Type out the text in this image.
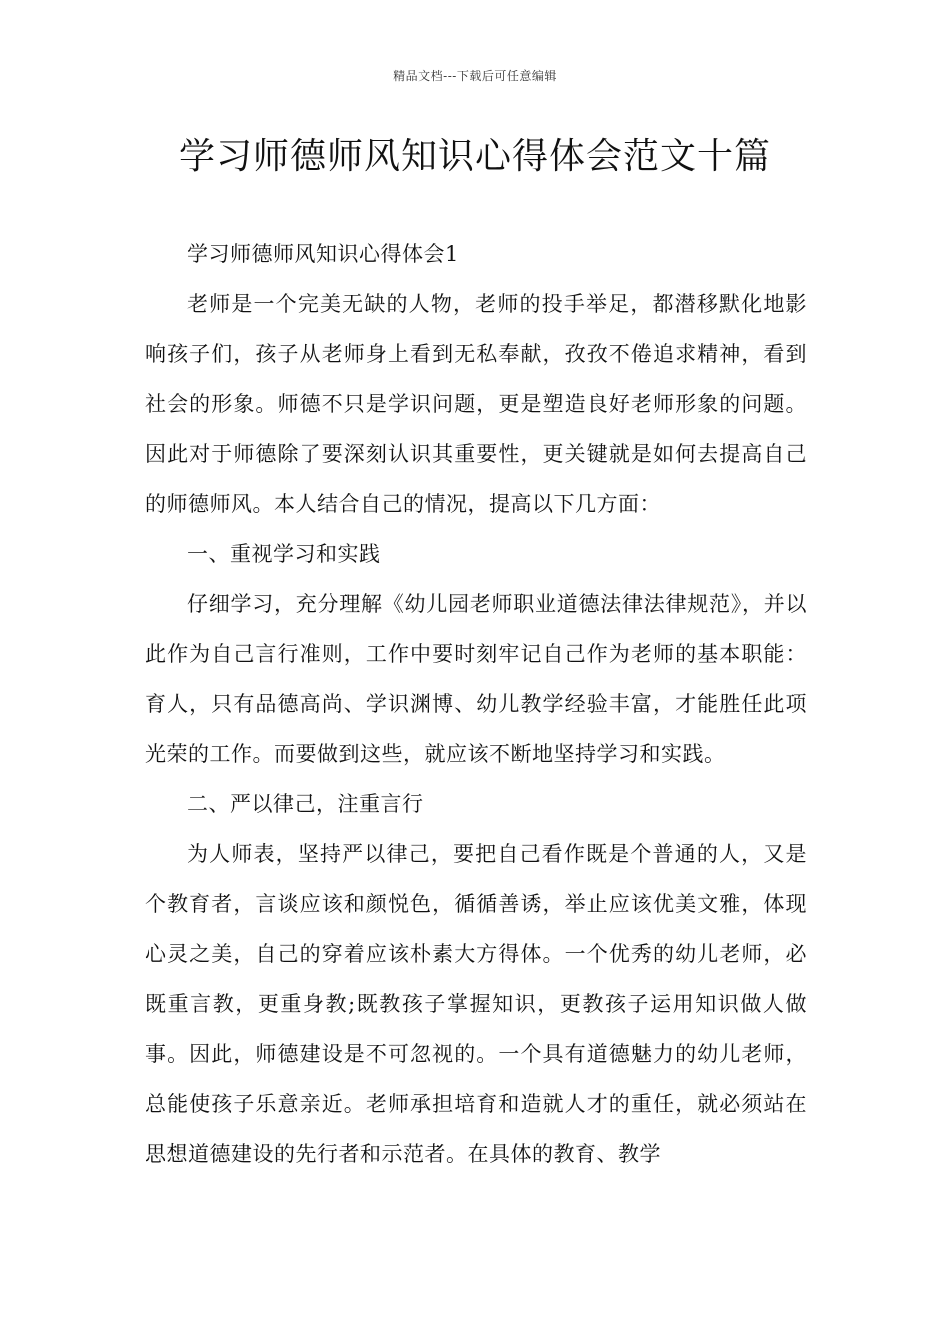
精品文档---下载后可任意编辑
学习师德师风知识心得体会范文十篇

学习师德师风知识心得体会1

老师是一个完美无缺的人物，老师的投手举足，都潜移默化地影响孩子们，孩子从老师身上看到无私奉献，孜孜不倦追求精神，看到社会的形象。师德不只是学识问题，更是塑造良好老师形象的问题。因此对于师德除了要深刻认识其重要性，更关键就是如何去提高自己的师德师风。本人结合自己的情况，提高以下几方面：

一、重视学习和实践

仔细学习，充分理解《幼儿园老师职业道德法律法律规范》，并以此作为自己言行准则，工作中要时刻牢记自己作为老师的基本职能：育人，只有品德高尚、学识渊博、幼儿教学经验丰富，才能胜任此项光荣的工作。而要做到这些，就应该不断地坚持学习和实践。

二、严以律己，注重言行

为人师表，坚持严以律己，要把自己看作既是个普通的人，又是个教育者，言谈应该和颜悦色，循循善诱，举止应该优美文雅，体现心灵之美，自己的穿着应该朴素大方得体。一个优秀的幼儿老师，必既重言教，更重身教;既教孩子掌握知识，更教孩子运用知识做人做事。因此，师德建设是不可忽视的。一个具有道德魅力的幼儿老师，总能使孩子乐意亲近。老师承担培育和造就人才的重任，就必须站在思想道德建设的先行者和示范者。在具体的教育、教学
